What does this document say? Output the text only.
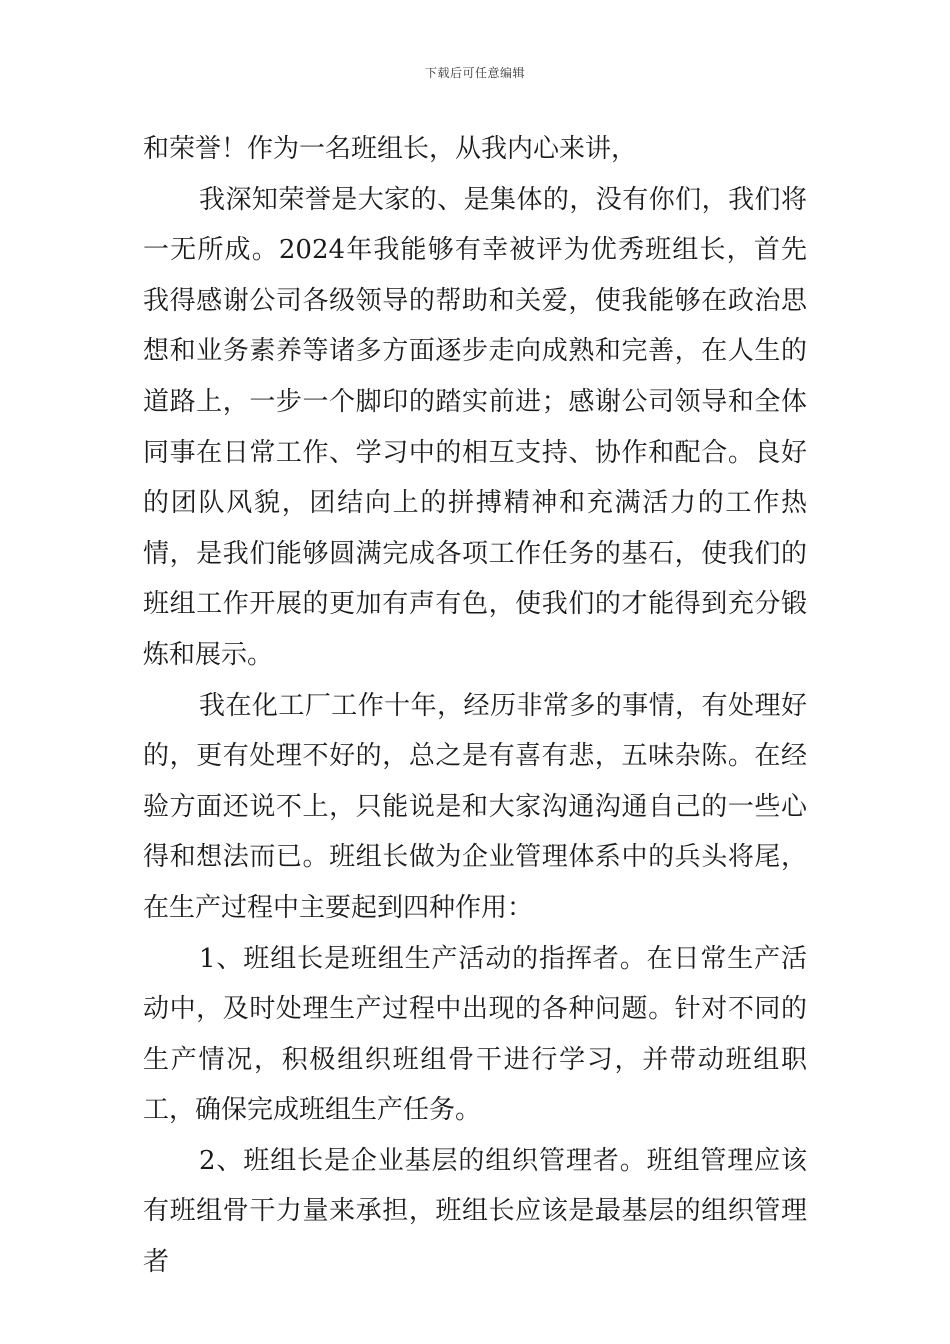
下载后可任意编辑

和荣誉！作为一名班组长，从我内心来讲，

我深知荣誉是大家的、是集体的，没有你们，我们将一无所成。2024年我能够有幸被评为优秀班组长，首先我得感谢公司各级领导的帮助和关爱，使我能够在政治思想和业务素养等诸多方面逐步走向成熟和完善，在人生的道路上，一步一个脚印的踏实前进；感谢公司领导和全体同事在日常工作、学习中的相互支持、协作和配合。良好的团队风貌，团结向上的拼搏精神和充满活力的工作热情，是我们能够圆满完成各项工作任务的基石，使我们的班组工作开展的更加有声有色，使我们的才能得到充分锻炼和展示。

我在化工厂工作十年，经历非常多的事情，有处理好的，更有处理不好的，总之是有喜有悲，五味杂陈。在经验方面还说不上，只能说是和大家沟通沟通自己的一些心得和想法而已。班组长做为企业管理体系中的兵头将尾，在生产过程中主要起到四种作用：

1、班组长是班组生产活动的指挥者。在日常生产活动中，及时处理生产过程中出现的各种问题。针对不同的生产情况，积极组织班组骨干进行学习，并带动班组职工，确保完成班组生产任务。

2、班组长是企业基层的组织管理者。班组管理应该有班组骨干力量来承担，班组长应该是最基层的组织管理者
